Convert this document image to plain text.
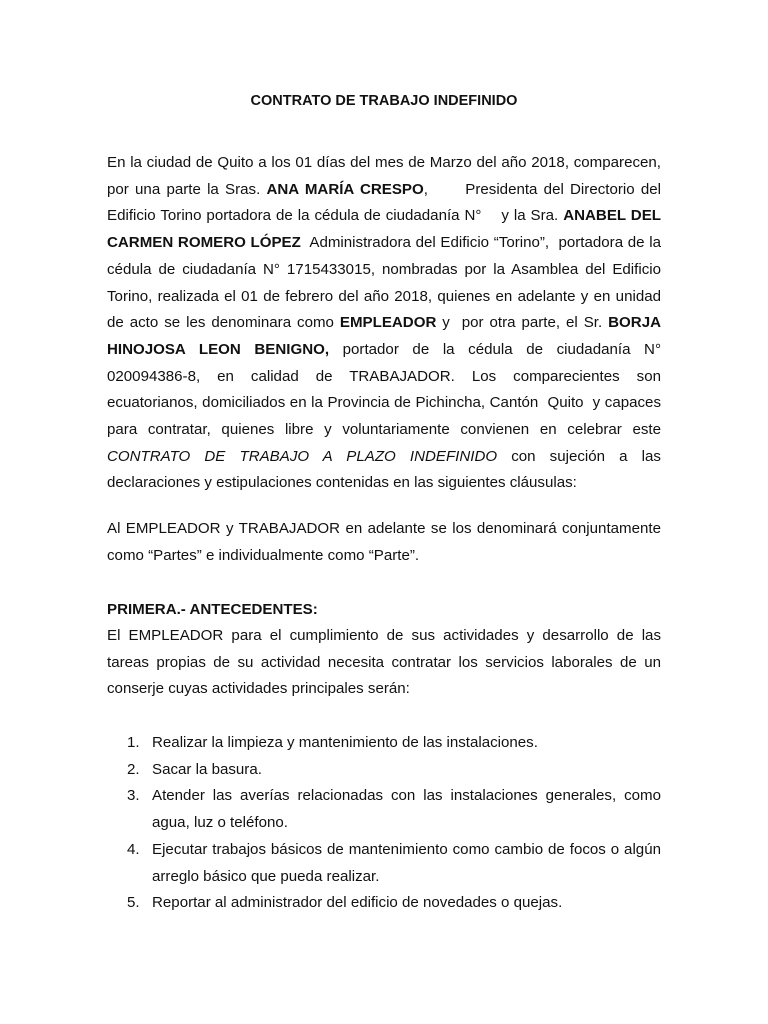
CONTRATO DE TRABAJO INDEFINIDO

En la ciudad de Quito a los 01 días del mes de Marzo del año 2018, comparecen, por una parte la Sras. ANA MARÍA CRESPO,      Presidenta del Directorio del Edificio Torino portadora de la cédula de ciudadanía N°    y la Sra. ANABEL DEL CARMEN ROMERO LÓPEZ  Administradora del Edificio “Torino”,  portadora de la cédula de ciudadanía N° 1715433015, nombradas por la Asamblea del Edificio Torino, realizada el 01 de febrero del año 2018, quienes en adelante y en unidad de acto se les denominara como EMPLEADOR y  por otra parte, el Sr. BORJA HINOJOSA LEON BENIGNO, portador de la cédula de ciudadanía N° 020094386-8, en calidad de TRABAJADOR. Los comparecientes son ecuatorianos, domiciliados en la Provincia de Pichincha, Cantón  Quito  y capaces para contratar, quienes libre y voluntariamente convienen en celebrar este CONTRATO DE TRABAJO A PLAZO INDEFINIDO con sujeción a las declaraciones y estipulaciones contenidas en las siguientes cláusulas:

Al EMPLEADOR y TRABAJADOR en adelante se los denominará conjuntamente como “Partes” e individualmente como “Parte”.

PRIMERA.- ANTECEDENTES:

El EMPLEADOR para el cumplimiento de sus actividades y desarrollo de las tareas propias de su actividad necesita contratar los servicios laborales de un conserje cuyas actividades principales serán:

1. Realizar la limpieza y mantenimiento de las instalaciones.
2. Sacar la basura.
3. Atender las averías relacionadas con las instalaciones generales, como agua, luz o teléfono.
4. Ejecutar trabajos básicos de mantenimiento como cambio de focos o algún arreglo básico que pueda realizar.
5. Reportar al administrador del edificio de novedades o quejas.
